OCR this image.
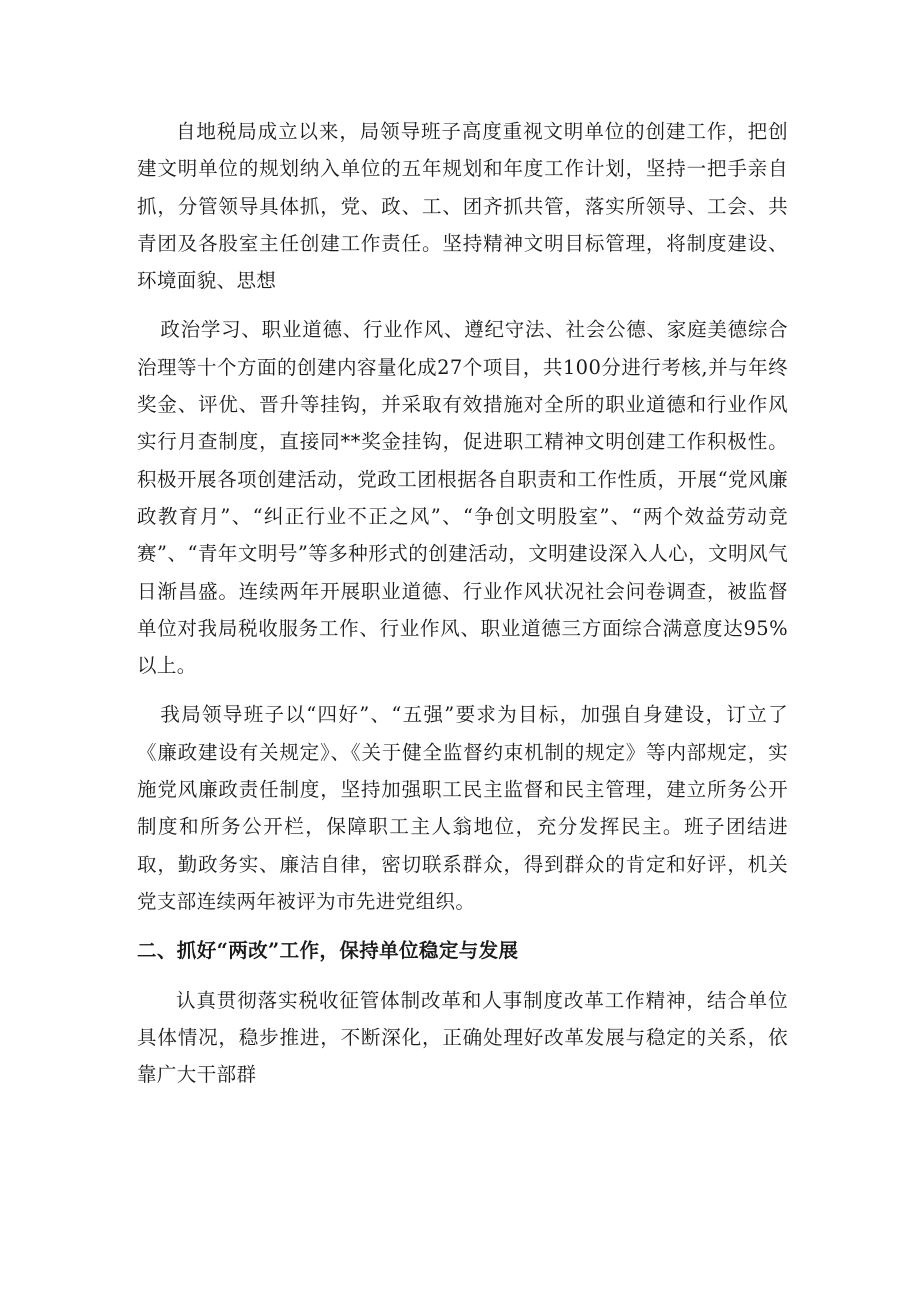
自地税局成立以来，局领导班子高度重视文明单位的创建工作，把创建文明单位的规划纳入单位的五年规划和年度工作计划，坚持一把手亲自抓，分管领导具体抓，党、政、工、团齐抓共管，落实所领导、工会、共青团及各股室主任创建工作责任。坚持精神文明目标管理，将制度建设、环境面貌、思想

政治学习、职业道德、行业作风、遵纪守法、社会公德、家庭美德综合治理等十个方面的创建内容量化成27个项目，共100分进行考核,并与年终奖金、评优、晋升等挂钩，并采取有效措施对全所的职业道德和行业作风实行月查制度，直接同**奖金挂钩，促进职工精神文明创建工作积极性。积极开展各项创建活动，党政工团根据各自职责和工作性质，开展“党风廉政教育月”、“纠正行业不正之风”、“争创文明股室”、“两个效益劳动竞赛”、“青年文明号”等多种形式的创建活动，文明建设深入人心，文明风气日渐昌盛。连续两年开展职业道德、行业作风状况社会问卷调查，被监督单位对我局税收服务工作、行业作风、职业道德三方面综合满意度达95%以上。

我局领导班子以“四好”、“五强”要求为目标，加强自身建设，订立了《廉政建设有关规定》、《关于健全监督约束机制的规定》等内部规定，实施党风廉政责任制度，坚持加强职工民主监督和民主管理，建立所务公开制度和所务公开栏，保障职工主人翁地位，充分发挥民主。班子团结进取，勤政务实、廉洁自律，密切联系群众，得到群众的肯定和好评，机关党支部连续两年被评为市先进党组织。

二、抓好“两改”工作，保持单位稳定与发展

认真贯彻落实税收征管体制改革和人事制度改革工作精神，结合单位具体情况，稳步推进，不断深化，正确处理好改革发展与稳定的关系，依靠广大干部群
